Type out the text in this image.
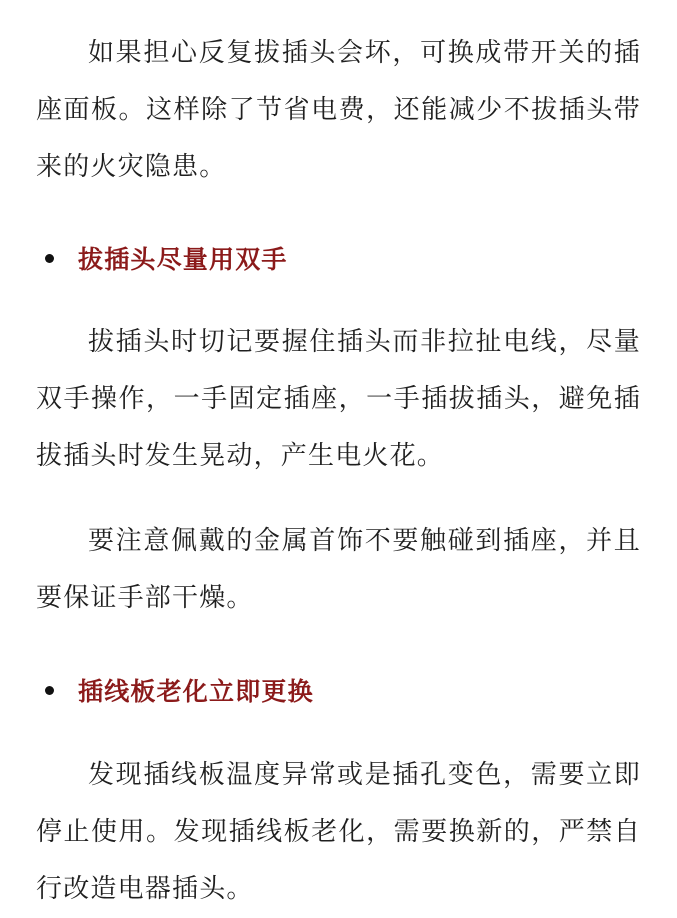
如果担心反复拔插头会坏，可换成带开关的插座面板。这样除了节省电费，还能减少不拔插头带来的火灾隐患。

拔插头尽量用双手

拔插头时切记要握住插头而非拉扯电线，尽量双手操作，一手固定插座，一手插拔插头，避免插拔插头时发生晃动，产生电火花。

要注意佩戴的金属首饰不要触碰到插座，并且要保证手部干燥。

插线板老化立即更换

发现插线板温度异常或是插孔变色，需要立即停止使用。发现插线板老化，需要换新的，严禁自行改造电器插头。
